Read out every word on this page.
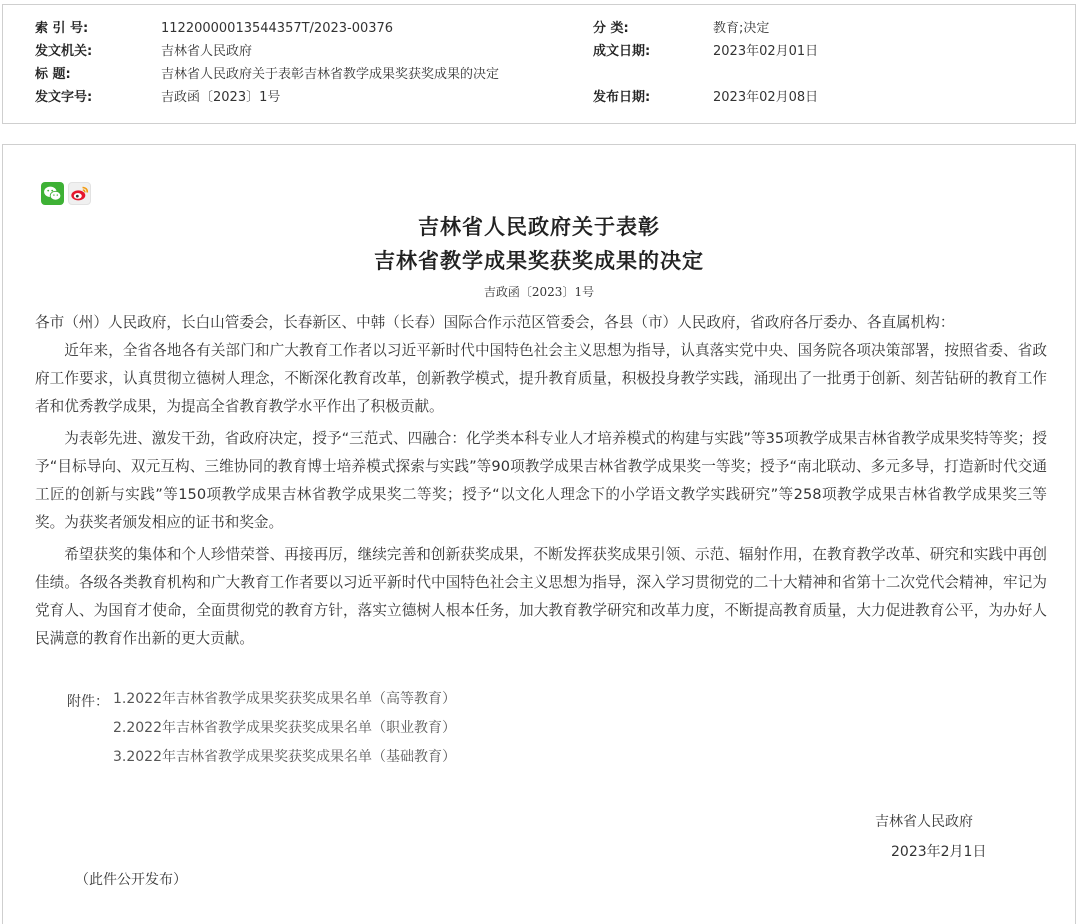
索 引 号:	11220000013544357T/2023-00376	分 类:	教育;决定
发文机关:	吉林省人民政府	成文日期:	2023年02月01日
标 题:	吉林省人民政府关于表彰吉林省教学成果奖获奖成果的决定
发文字号:	吉政函〔2023〕1号	发布日期:	2023年02月08日
吉林省人民政府关于表彰
吉林省教学成果奖获奖成果的决定
吉政函〔2023〕1号
各市（州）人民政府，长白山管委会，长春新区、中韩（长春）国际合作示范区管委会，各县（市）人民政府，省政府各厅委办、各直属机构：

近年来，全省各地各有关部门和广大教育工作者以习近平新时代中国特色社会主义思想为指导，认真落实党中央、国务院各项决策部署，按照省委、省政府工作要求，认真贯彻立德树人理念，不断深化教育改革，创新教学模式，提升教育质量，积极投身教学实践，涌现出了一批勇于创新、刻苦钻研的教育工作者和优秀教学成果，为提高全省教育教学水平作出了积极贡献。

为表彰先进、激发干劲，省政府决定，授予“三范式、四融合：化学类本科专业人才培养模式的构建与实践”等35项教学成果吉林省教学成果奖特等奖；授予“目标导向、双元互构、三维协同的教育博士培养模式探索与实践”等90项教学成果吉林省教学成果奖一等奖；授予“南北联动、多元多导，打造新时代交通工匠的创新与实践”等150项教学成果吉林省教学成果奖二等奖；授予“以文化人理念下的小学语文教学实践研究”等258项教学成果吉林省教学成果奖三等奖。为获奖者颁发相应的证书和奖金。

希望获奖的集体和个人珍惜荣誉、再接再厉，继续完善和创新获奖成果，不断发挥获奖成果引领、示范、辐射作用，在教育教学改革、研究和实践中再创佳绩。各级各类教育机构和广大教育工作者要以习近平新时代中国特色社会主义思想为指导，深入学习贯彻党的二十大精神和省第十二次党代会精神，牢记为党育人、为国育才使命，全面贯彻党的教育方针，落实立德树人根本任务，加大教育教学研究和改革力度，不断提高教育质量，大力促进教育公平，为办好人民满意的教育作出新的更大贡献。

附件： 1.2022年吉林省教学成果奖获奖成果名单（高等教育）
2.2022年吉林省教学成果奖获奖成果名单（职业教育）
3.2022年吉林省教学成果奖获奖成果名单（基础教育）
吉林省人民政府
2023年2月1日
（此件公开发布）
